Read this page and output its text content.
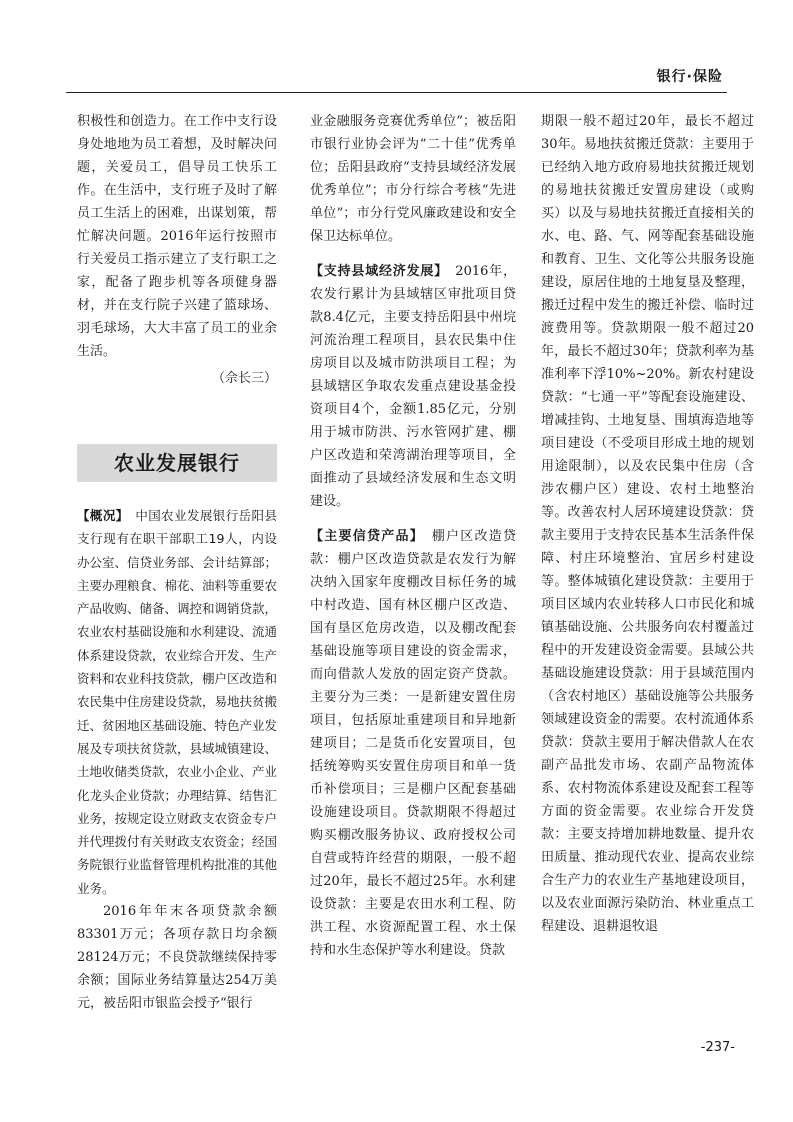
银行·保险

积极性和创造力。在工作中支行设身处地地为员工着想，及时解决问题，关爱员工，倡导员工快乐工作。在生活中，支行班子及时了解员工生活上的困难，出谋划策，帮忙解决问题。2016年运行按照市行关爱员工指示建立了支行职工之家，配备了跑步机等各项健身器材，并在支行院子兴建了篮球场、羽毛球场，大大丰富了员工的业余生活。

（佘长三）

农业发展银行

【概况】　 中国农业发展银行岳阳县支行现有在职干部职工19人，内设办公室、信贷业务部、会计结算部；主要办理粮食、棉花、油料等重要农产品收购、储备、调控和调销贷款，农业农村基础设施和水利建设、流通体系建设贷款，农业综合开发、生产资料和农业科技贷款，棚户区改造和农民集中住房建设贷款，易地扶贫搬迁、贫困地区基础设施、特色产业发展及专项扶贫贷款，县域城镇建设、土地收储类贷款，农业小企业、产业化龙头企业贷款；办理结算、结售汇业务，按规定设立财政支农资金专户并代理拨付有关财政支农资金；经国务院银行业监督管理机构批准的其他业务。

2016年年末各项贷款余额83301万元；各项存款日均余额28124万元；不良贷款继续保持零余额；国际业务结算量达254万美元，被岳阳市银监会授予“银行

业金融服务竞赛优秀单位”；被岳阳市银行业协会评为“二十佳”优秀单位；岳阳县政府“支持县域经济发展优秀单位”；市分行综合考核“先进单位”；市分行党风廉政建设和安全保卫达标单位。

【支持县域经济发展】　 2016年，农发行累计为县域辖区审批项目贷款8.4亿元，主要支持岳阳县中州垸河流治理工程项目，县农民集中住房项目以及城市防洪项目工程；为县域辖区争取农发重点建设基金投资项目4个，金额1.85亿元，分别用于城市防洪、污水管网扩建、棚户区改造和荣湾湖治理等项目，全面推动了县域经济发展和生态文明建设。

【主要信贷产品】　 棚户区改造贷款：棚户区改造贷款是农发行为解决纳入国家年度棚改目标任务的城中村改造、国有林区棚户区改造、国有垦区危房改造，以及棚改配套基础设施等项目建设的资金需求，而向借款人发放的固定资产贷款。主要分为三类：一是新建安置住房项目，包括原址重建项目和异地新建项目；二是货币化安置项目，包括统筹购买安置住房项目和单一货币补偿项目；三是棚户区配套基础设施建设项目。贷款期限不得超过购买棚改服务协议、政府授权公司自营或特许经营的期限，一般不超过20年，最长不超过25年。水利建设贷款：主要是农田水利工程、防洪工程、水资源配置工程、水土保持和水生态保护等水利建设。贷款

期限一般不超过20年，最长不超过30年。易地扶贫搬迁贷款：主要用于已经纳入地方政府易地扶贫搬迁规划的易地扶贫搬迁安置房建设（或购买）以及与易地扶贫搬迁直接相关的水、电、路、气、网等配套基础设施和教育、卫生、文化等公共服务设施建设，原居住地的土地复垦及整理，搬迁过程中发生的搬迁补偿、临时过渡费用等。贷款期限一般不超过20年，最长不超过30年；贷款利率为基准利率下浮10%~20%。新农村建设贷款：“七通一平”等配套设施建设、增减挂钩、土地复垦、围填海造地等项目建设（不受项目形成土地的规划用途限制），以及农民集中住房（含涉农棚户区）建设、农村土地整治等。改善农村人居环境建设贷款：贷款主要用于支持农民基本生活条件保障、村庄环境整治、宜居乡村建设等。整体城镇化建设贷款：主要用于项目区域内农业转移人口市民化和城镇基础设施、公共服务向农村覆盖过程中的开发建设资金需要。县域公共基础设施建设贷款：用于县域范围内（含农村地区）基础设施等公共服务领域建设资金的需要。农村流通体系贷款：贷款主要用于解决借款人在农副产品批发市场、农副产品物流体系、农村物流体系建设及配套工程等方面的资金需要。农业综合开发贷款：主要支持增加耕地数量、提升农田质量、推动现代农业、提高农业综合生产力的农业生产基地建设项目，以及农业面源污染防治、林业重点工程建设、退耕退牧退

-237-
